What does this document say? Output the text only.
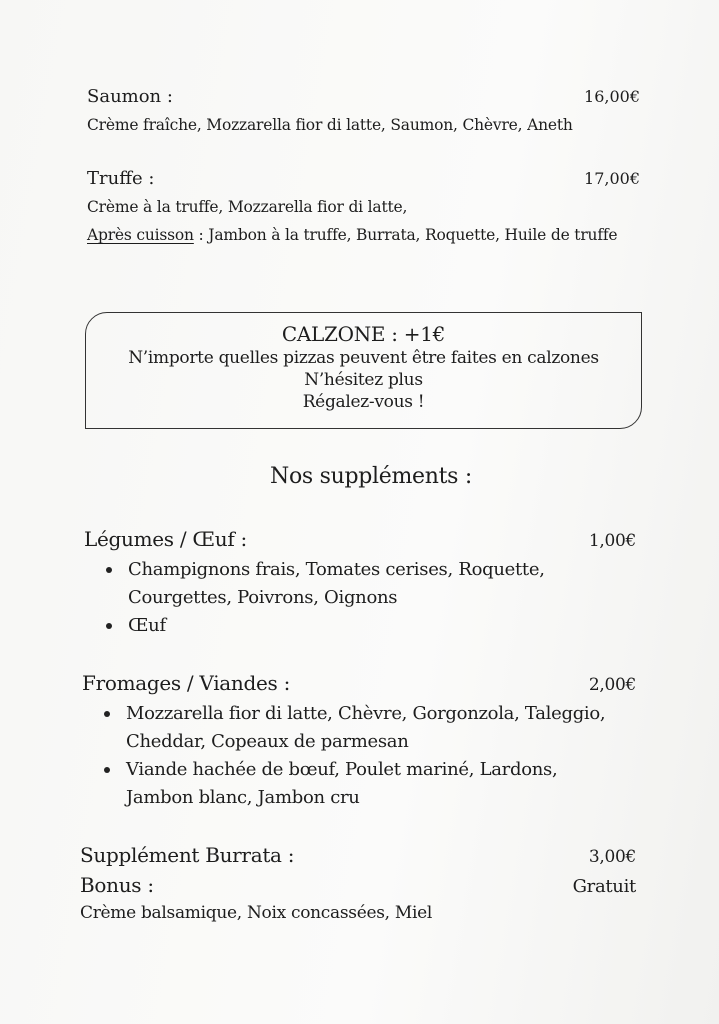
Saumon :	16,00€
Crème fraîche, Mozzarella fior di latte, Saumon, Chèvre, Aneth
Truffe :	17,00€
Crème à la truffe, Mozzarella fior di latte,
Après cuisson : Jambon à la truffe, Burrata, Roquette, Huile de truffe
CALZONE : +1€
N’importe quelles pizzas peuvent être faites en calzones
N’hésitez plus
Régalez-vous !
Nos suppléments :
Légumes / Œuf :	1,00€
Champignons frais, Tomates cerises, Roquette, Courgettes, Poivrons, Oignons
Œuf
Fromages / Viandes :	2,00€
Mozzarella fior di latte, Chèvre, Gorgonzola, Taleggio, Cheddar, Copeaux de parmesan
Viande hachée de bœuf, Poulet mariné, Lardons, Jambon blanc, Jambon cru
Supplément Burrata :	3,00€
Bonus :	Gratuit
Crème balsamique, Noix concassées, Miel
